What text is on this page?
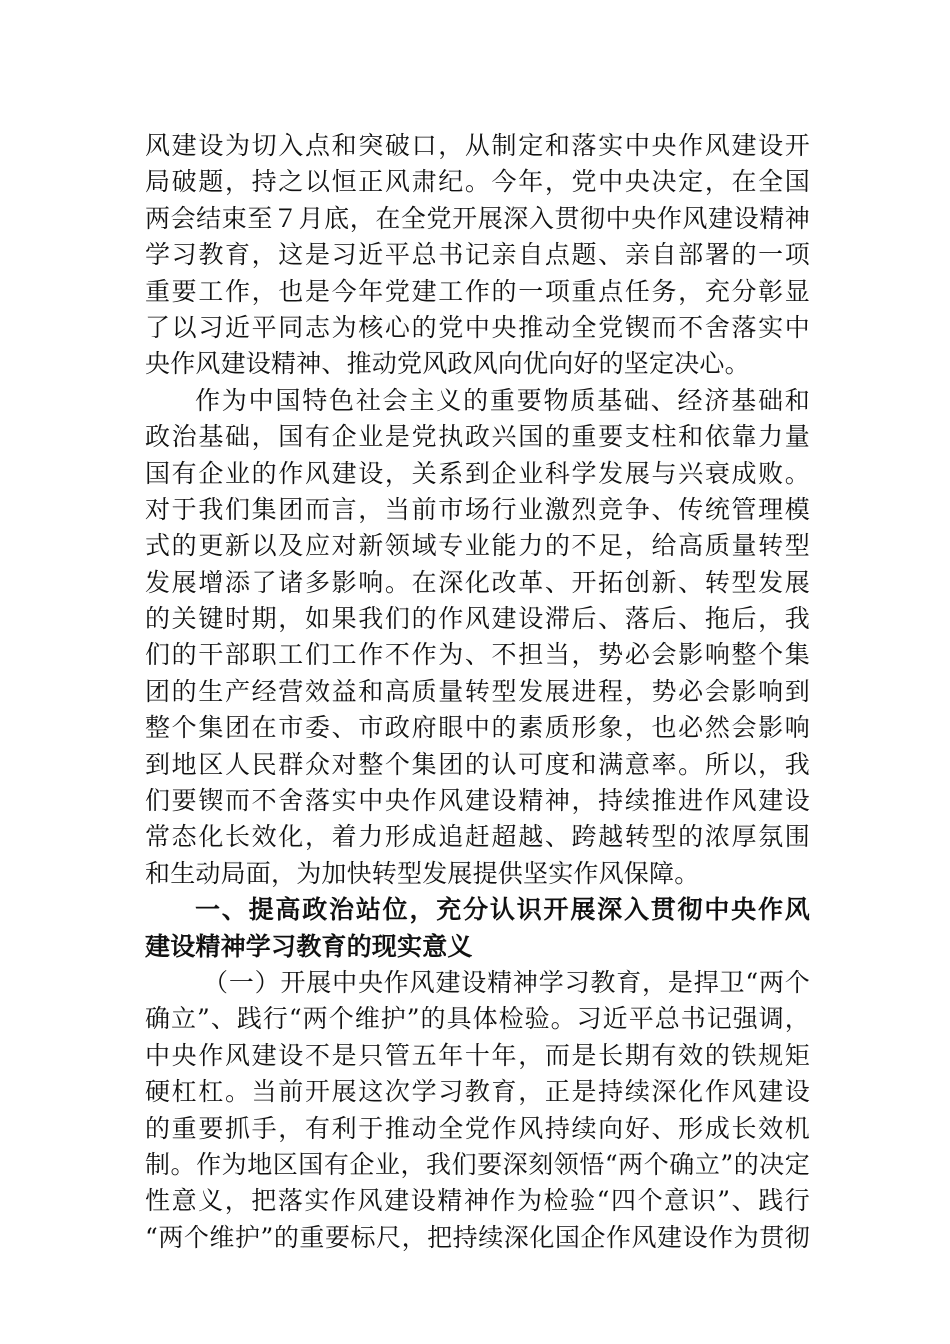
风建设为切入点和突破口，从制定和落实中央作风建设开
局破题，持之以恒正风肃纪。今年，党中央决定，在全国
两会结束至７月底，在全党开展深入贯彻中央作风建设精神
学习教育，这是习近平总书记亲自点题、亲自部署的一项
重要工作，也是今年党建工作的一项重点任务，充分彰显
了以习近平同志为核心的党中央推动全党锲而不舍落实中
央作风建设精神、推动党风政风向优向好的坚定决心。
作为中国特色社会主义的重要物质基础、经济基础和
政治基础，国有企业是党执政兴国的重要支柱和依靠力量
国有企业的作风建设，关系到企业科学发展与兴衰成败。
对于我们集团而言，当前市场行业激烈竞争、传统管理模
式的更新以及应对新领域专业能力的不足，给高质量转型
发展增添了诸多影响。在深化改革、开拓创新、转型发展
的关键时期，如果我们的作风建设滞后、落后、拖后，我
们的干部职工们工作不作为、不担当，势必会影响整个集
团的生产经营效益和高质量转型发展进程，势必会影响到
整个集团在市委、市政府眼中的素质形象，也必然会影响
到地区人民群众对整个集团的认可度和满意率。所以，我
们要锲而不舍落实中央作风建设精神，持续推进作风建设
常态化长效化，着力形成追赶超越、跨越转型的浓厚氛围
和生动局面，为加快转型发展提供坚实作风保障。
一、提高政治站位，充分认识开展深入贯彻中央作风
建设精神学习教育的现实意义
（一）开展中央作风建设精神学习教育，是捍卫“两个
确立”、践行“两个维护”的具体检验。习近平总书记强调，
中央作风建设不是只管五年十年，而是长期有效的铁规矩
硬杠杠。当前开展这次学习教育，正是持续深化作风建设
的重要抓手，有利于推动全党作风持续向好、形成长效机
制。作为地区国有企业，我们要深刻领悟“两个确立”的决定
性意义，把落实作风建设精神作为检验“四个意识”、践行
“两个维护”的重要标尺，把持续深化国企作风建设作为贯彻
